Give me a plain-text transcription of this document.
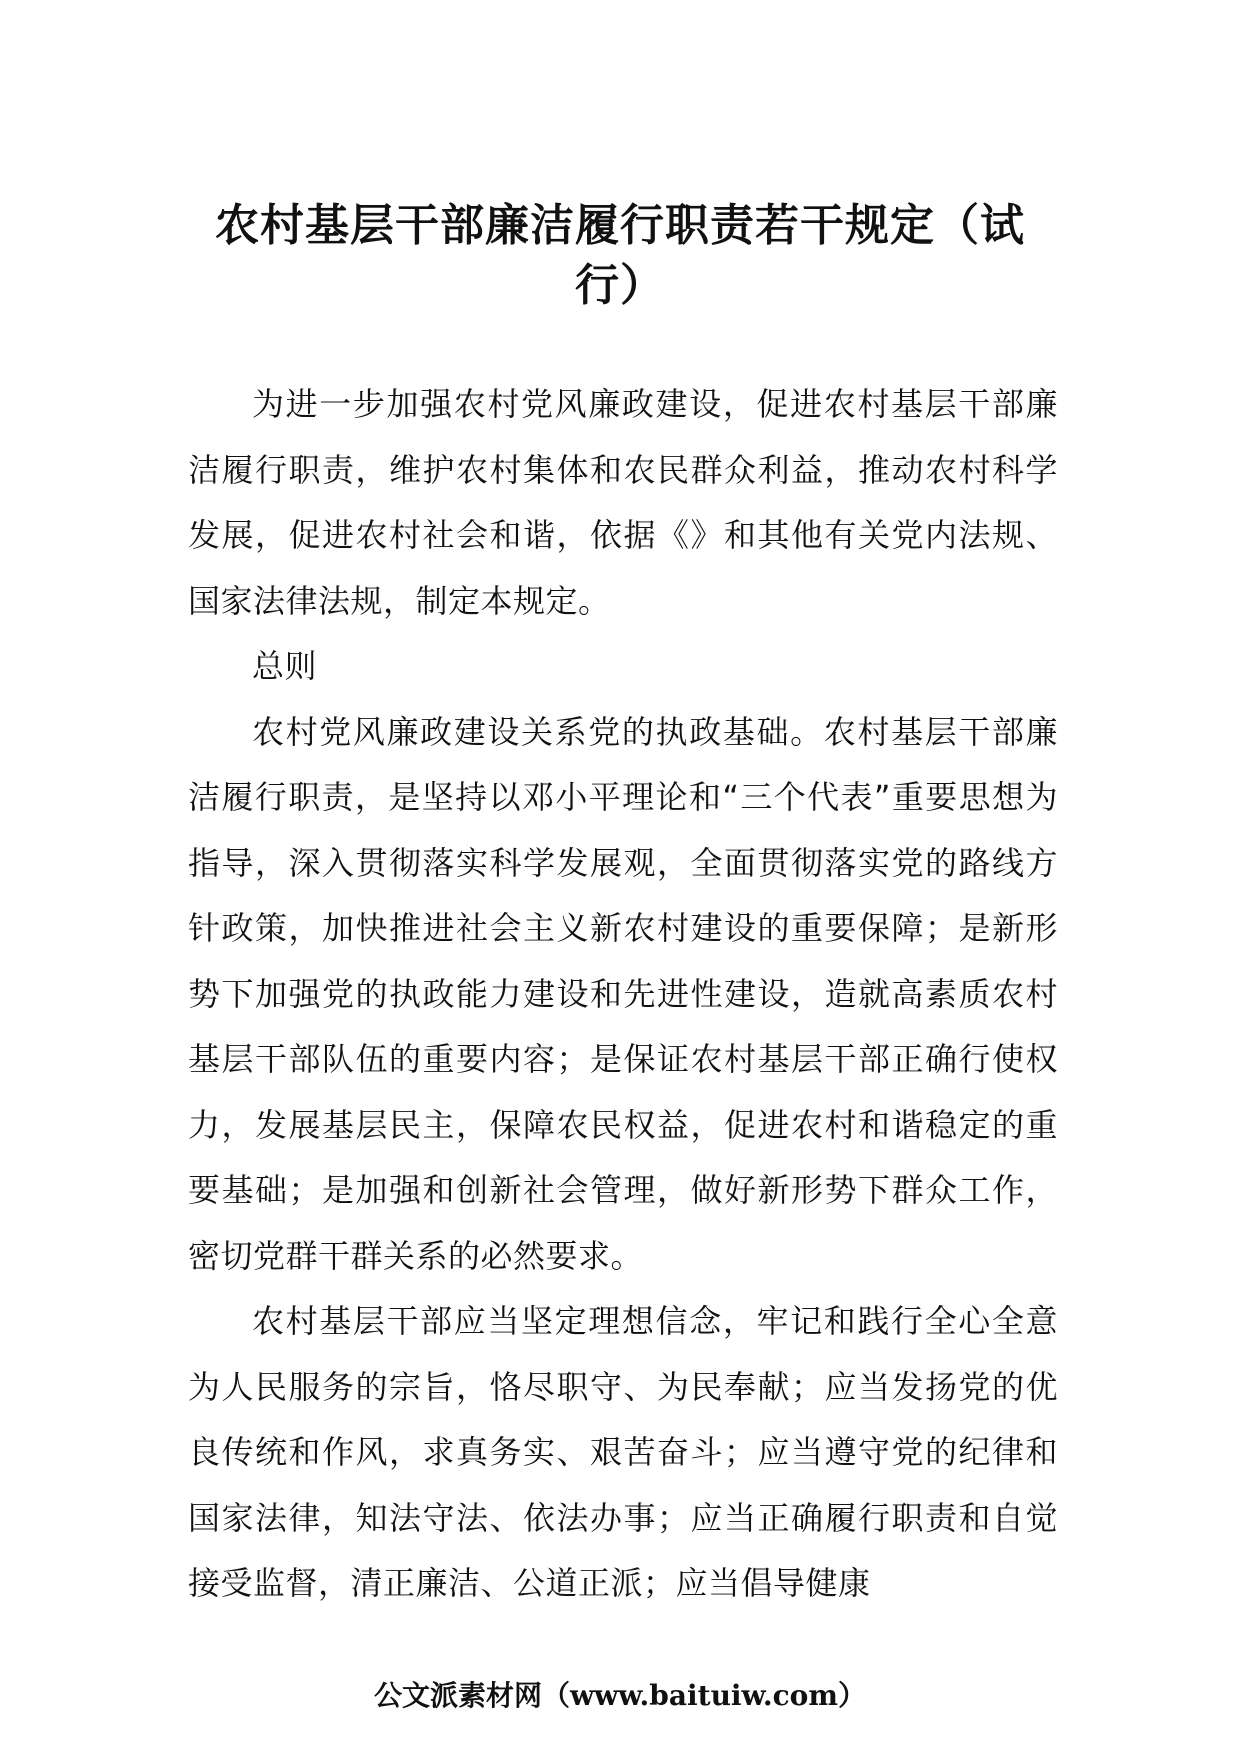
农村基层干部廉洁履行职责若干规定（试行）

为进一步加强农村党风廉政建设，促进农村基层干部廉洁履行职责，维护农村集体和农民群众利益，推动农村科学发展，促进农村社会和谐，依据《》和其他有关党内法规、国家法律法规，制定本规定。

总则

农村党风廉政建设关系党的执政基础。农村基层干部廉洁履行职责，是坚持以邓小平理论和“三个代表”重要思想为指导，深入贯彻落实科学发展观，全面贯彻落实党的路线方针政策，加快推进社会主义新农村建设的重要保障；是新形势下加强党的执政能力建设和先进性建设，造就高素质农村基层干部队伍的重要内容；是保证农村基层干部正确行使权力，发展基层民主，保障农民权益，促进农村和谐稳定的重要基础；是加强和创新社会管理，做好新形势下群众工作，密切党群干群关系的必然要求。

农村基层干部应当坚定理想信念，牢记和践行全心全意为人民服务的宗旨，恪尽职守、为民奉献；应当发扬党的优良传统和作风，求真务实、艰苦奋斗；应当遵守党的纪律和国家法律，知法守法、依法办事；应当正确履行职责和自觉接受监督，清正廉洁、公道正派；应当倡导健康

公文派素材网（www.baituiw.com）
